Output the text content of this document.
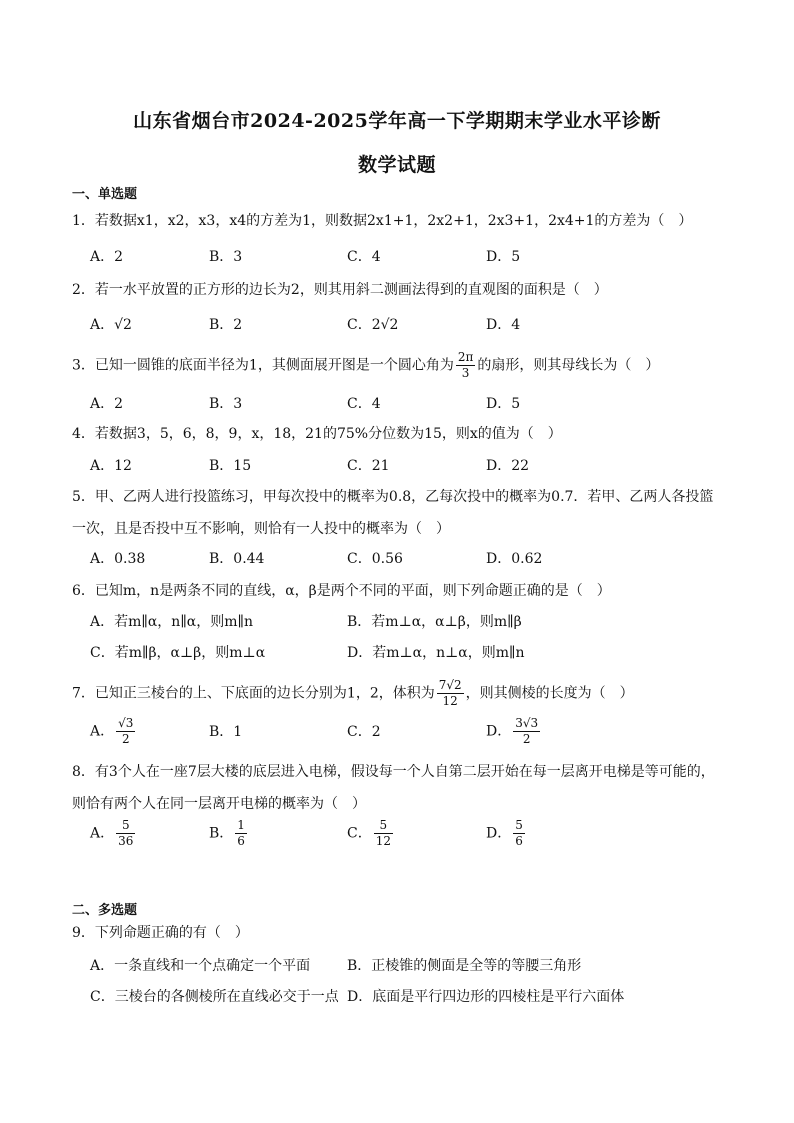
山东省烟台市2024-2025学年高一下学期期末学业水平诊断
数学试题
一、单选题
1．若数据x1，x2，x3，x4的方差为1，则数据2x1+1，2x2+1，2x3+1，2x4+1的方差为（　）
A．2	B．3	C．4	D．5
2．若一水平放置的正方形的边长为2，则其用斜二测画法得到的直观图的面积是（　）
A．√2	B．2	C．2√2	D．4
3．已知一圆锥的底面半径为1，其侧面展开图是一个圆心角为 $\frac{2\pi}{3}$ 的扇形，则其母线长为（　）
A．2	B．3	C．4	D．5
4．若数据3，5，6，8，9，x，18，21的75%分位数为15，则x的值为（　）
A．12	B．15	C．21	D．22
5．甲、乙两人进行投篮练习，甲每次投中的概率为0.8，乙每次投中的概率为0.7．若甲、乙两人各投篮一次，且是否投中互不影响，则恰有一人投中的概率为（　）
A．0.38	B．0.44	C．0.56	D．0.62
6．已知m，n是两条不同的直线，α，β是两个不同的平面，则下列命题正确的是（　）
A．若m∥α，n∥α，则m∥n	B．若m⊥α，α⊥β，则m∥β
C．若m∥β，α⊥β，则m⊥α	D．若m⊥α，n⊥α，则m∥n
7．已知正三棱台的上、下底面的边长分别为1，2，体积为 $\frac{7√2}{12}$ ，则其侧棱的长度为（　）
A． $\frac{√3}{2}$	B．1	C．2	D． $\frac{3√3}{2}$
8．有3个人在一座7层大楼的底层进入电梯，假设每一个人自第二层开始在每一层离开电梯是等可能的，则恰有两个人在同一层离开电梯的概率为（　）
A． $\frac{5}{36}$	B． $\frac{1}{6}$	C． $\frac{5}{12}$	D． $\frac{5}{6}$
二、多选题
9．下列命题正确的有（　）
A．一条直线和一个点确定一个平面	B．正棱锥的侧面是全等的等腰三角形
C．三棱台的各侧棱所在直线必交于一点 D．底面是平行四边形的四棱柱是平行六面体
